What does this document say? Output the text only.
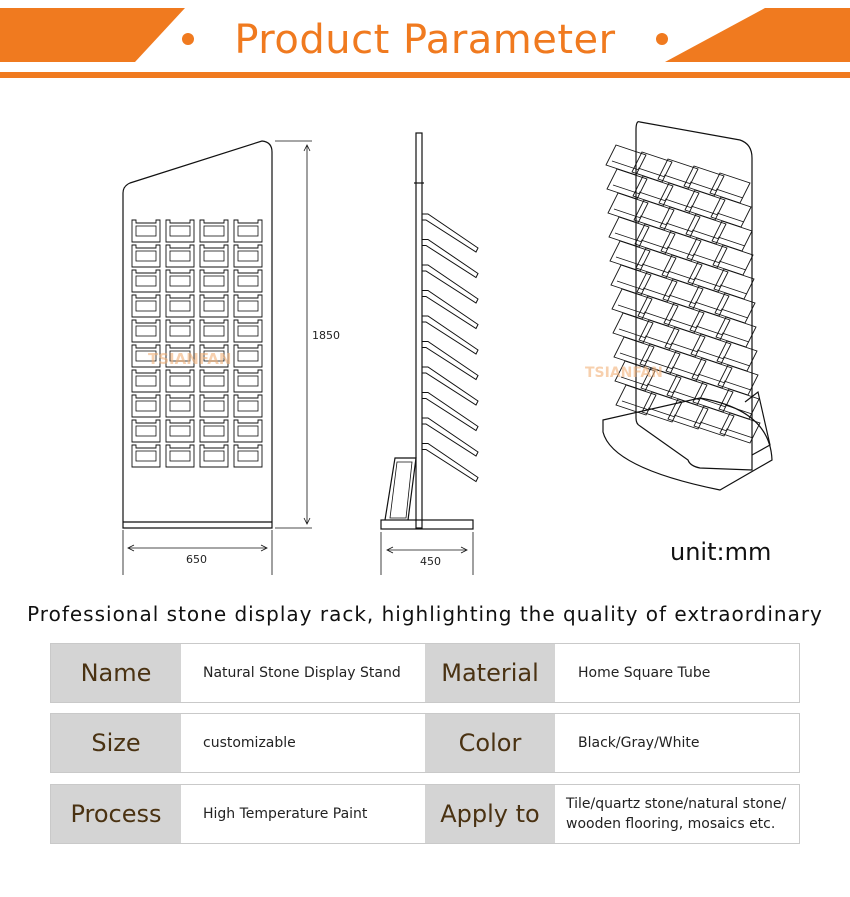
Product Parameter
650
1850
TSIANFAN
450
TSIANFAN
unit:mm
Professional stone display rack, highlighting the quality of extraordinary
Name	Natural Stone Display Stand	Material	Home Square Tube
Size	customizable	Color	Black/Gray/White
Process	High Temperature Paint	Apply to	Tile/quartz stone/natural stone/ wooden flooring, mosaics etc.
